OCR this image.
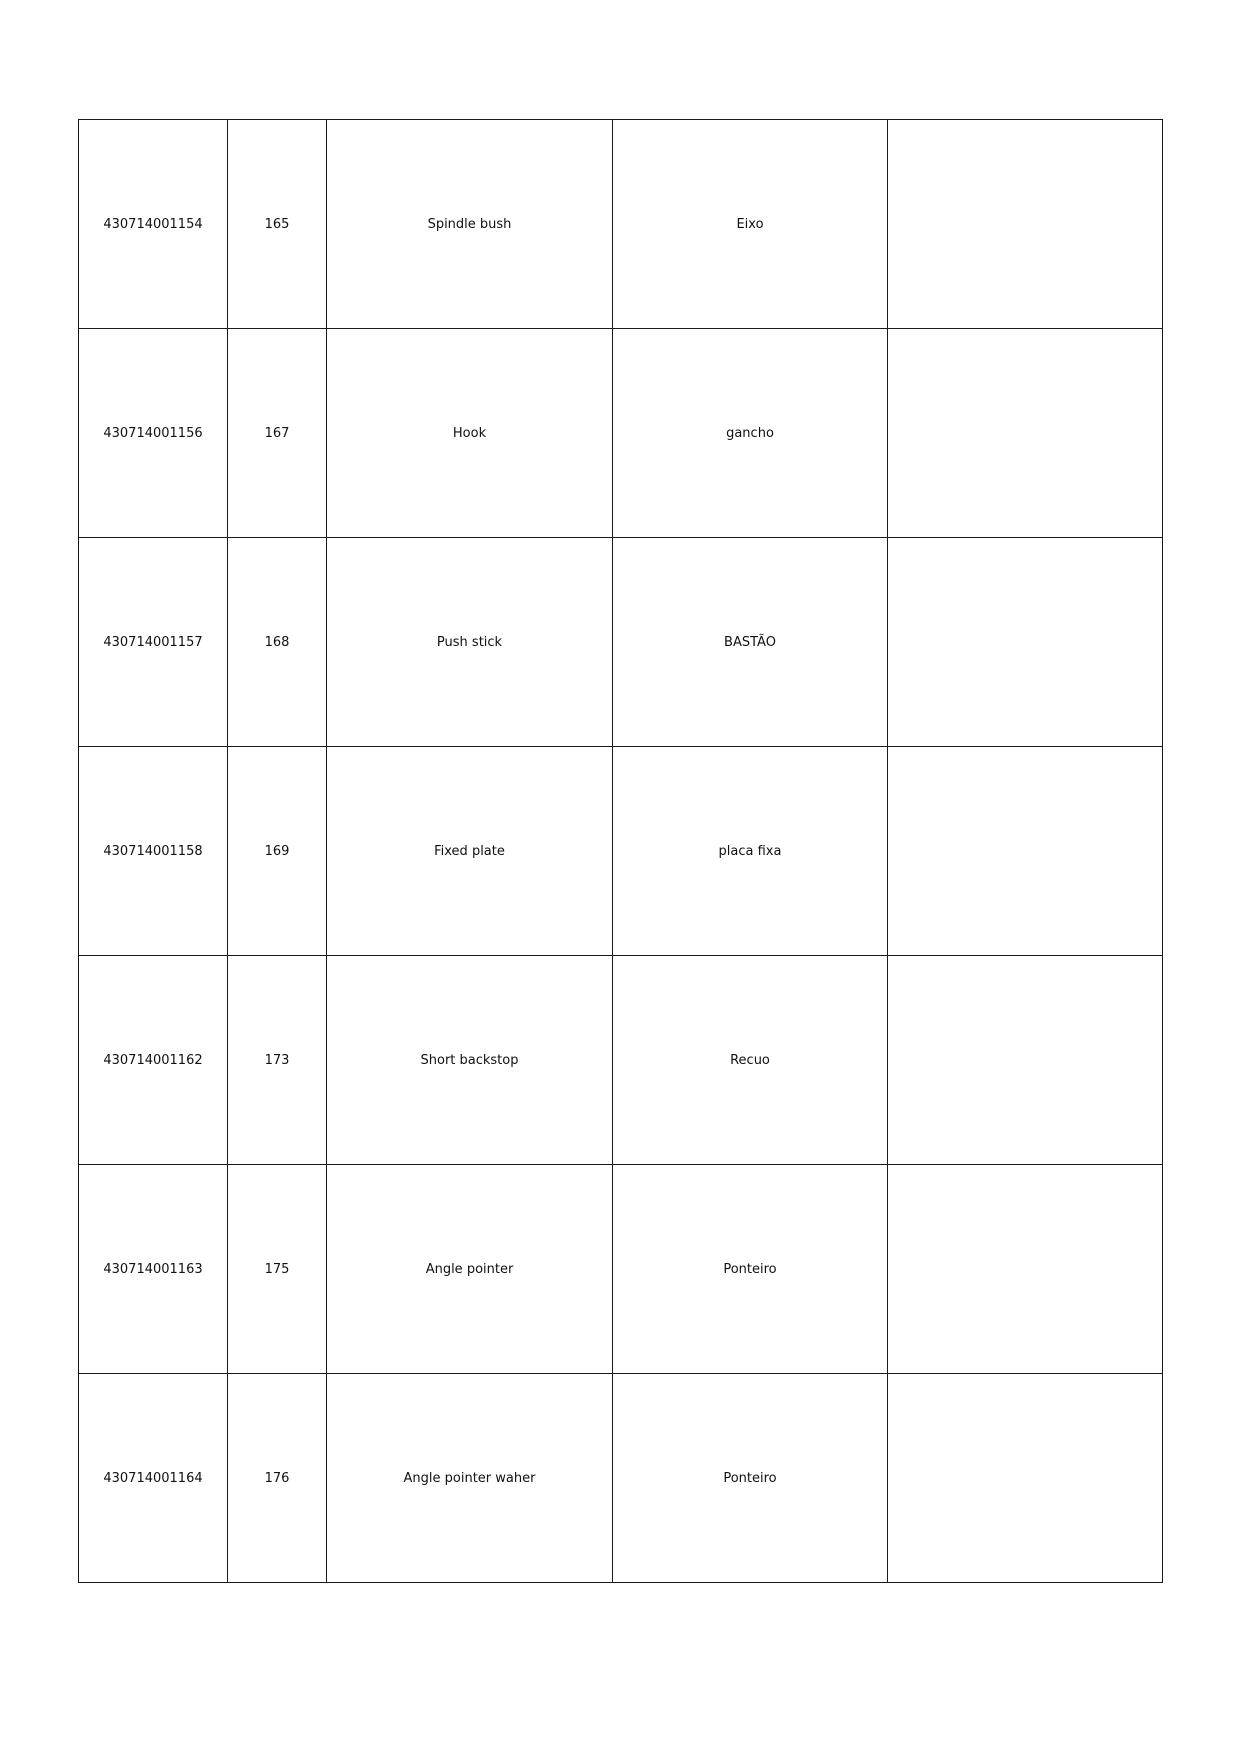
430714001154	165	Spindle bush	Eixo	
430714001156	167	Hook	gancho	
430714001157	168	Push stick	BASTÃO	
430714001158	169	Fixed plate	placa fixa	
430714001162	173	Short backstop	Recuo	
430714001163	175	Angle pointer	Ponteiro	
430714001164	176	Angle pointer waher	Ponteiro	
